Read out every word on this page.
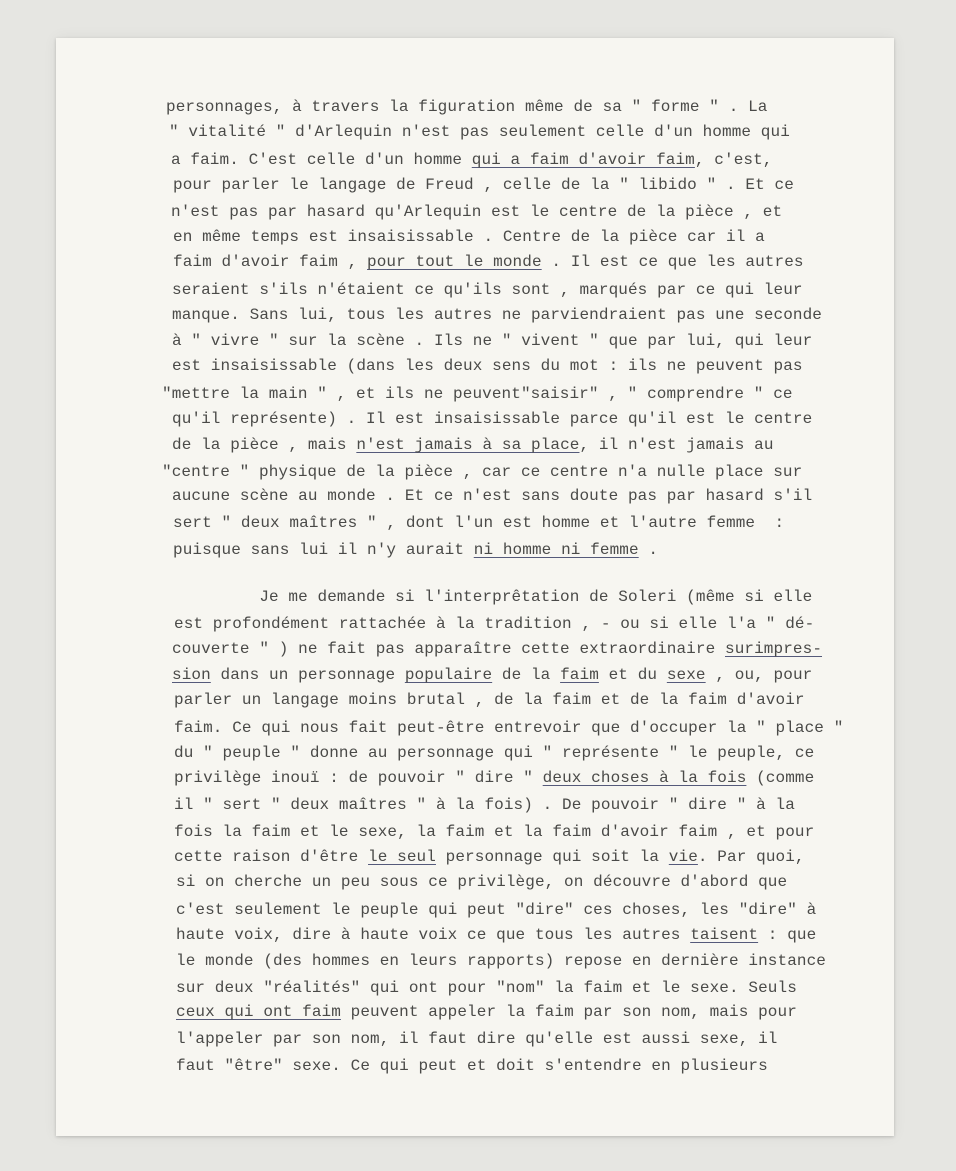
personnages, à travers la figuration même de sa " forme " . La
" vitalité " d'Arlequin n'est pas seulement celle d'un homme qui
a faim. C'est celle d'un homme qui a faim d'avoir faim, c'est,
pour parler le langage de Freud , celle de la " libido " . Et ce
n'est pas par hasard qu'Arlequin est le centre de la pièce , et
en même temps est insaisissable . Centre de la pièce car il a
faim d'avoir faim , pour tout le monde . Il est ce que les autres
seraient s'ils n'étaient ce qu'ils sont , marqués par ce qui leur
manque. Sans lui, tous les autres ne parviendraient pas une seconde
à " vivre " sur la scène . Ils ne " vivent " que par lui, qui leur
est insaisissable (dans les deux sens du mot : ils ne peuvent pas
"mettre la main " , et ils ne peuvent"saisir" , " comprendre " ce
qu'il représente) . Il est insaisissable parce qu'il est le centre
de la pièce , mais n'est jamais à sa place, il n'est jamais au
"centre " physique de la pièce , car ce centre n'a nulle place sur
aucune scène au monde . Et ce n'est sans doute pas par hasard s'il
sert " deux maîtres " , dont l'un est homme et l'autre femme  :
puisque sans lui il n'y aurait ni homme ni femme .
Je me demande si l'interprêtation de Soleri (même si elle
est profondément rattachée à la tradition , - ou si elle l'a " dé-
couverte " ) ne fait pas apparaître cette extraordinaire surimpres-
sion dans un personnage populaire de la faim et du sexe , ou, pour
parler un langage moins brutal , de la faim et de la faim d'avoir
faim. Ce qui nous fait peut-être entrevoir que d'occuper la " place "
du " peuple " donne au personnage qui " représente " le peuple, ce
privilège inouï : de pouvoir " dire " deux choses à la fois (comme
il " sert " deux maîtres " à la fois) . De pouvoir " dire " à la
fois la faim et le sexe, la faim et la faim d'avoir faim , et pour
cette raison d'être le seul personnage qui soit la vie. Par quoi,
si on cherche un peu sous ce privilège, on découvre d'abord que
c'est seulement le peuple qui peut "dire" ces choses, les "dire" à
haute voix, dire à haute voix ce que tous les autres taisent : que
le monde (des hommes en leurs rapports) repose en dernière instance
sur deux "réalités" qui ont pour "nom" la faim et le sexe. Seuls
ceux qui ont faim peuvent appeler la faim par son nom, mais pour
l'appeler par son nom, il faut dire qu'elle est aussi sexe, il
faut "être" sexe. Ce qui peut et doit s'entendre en plusieurs
